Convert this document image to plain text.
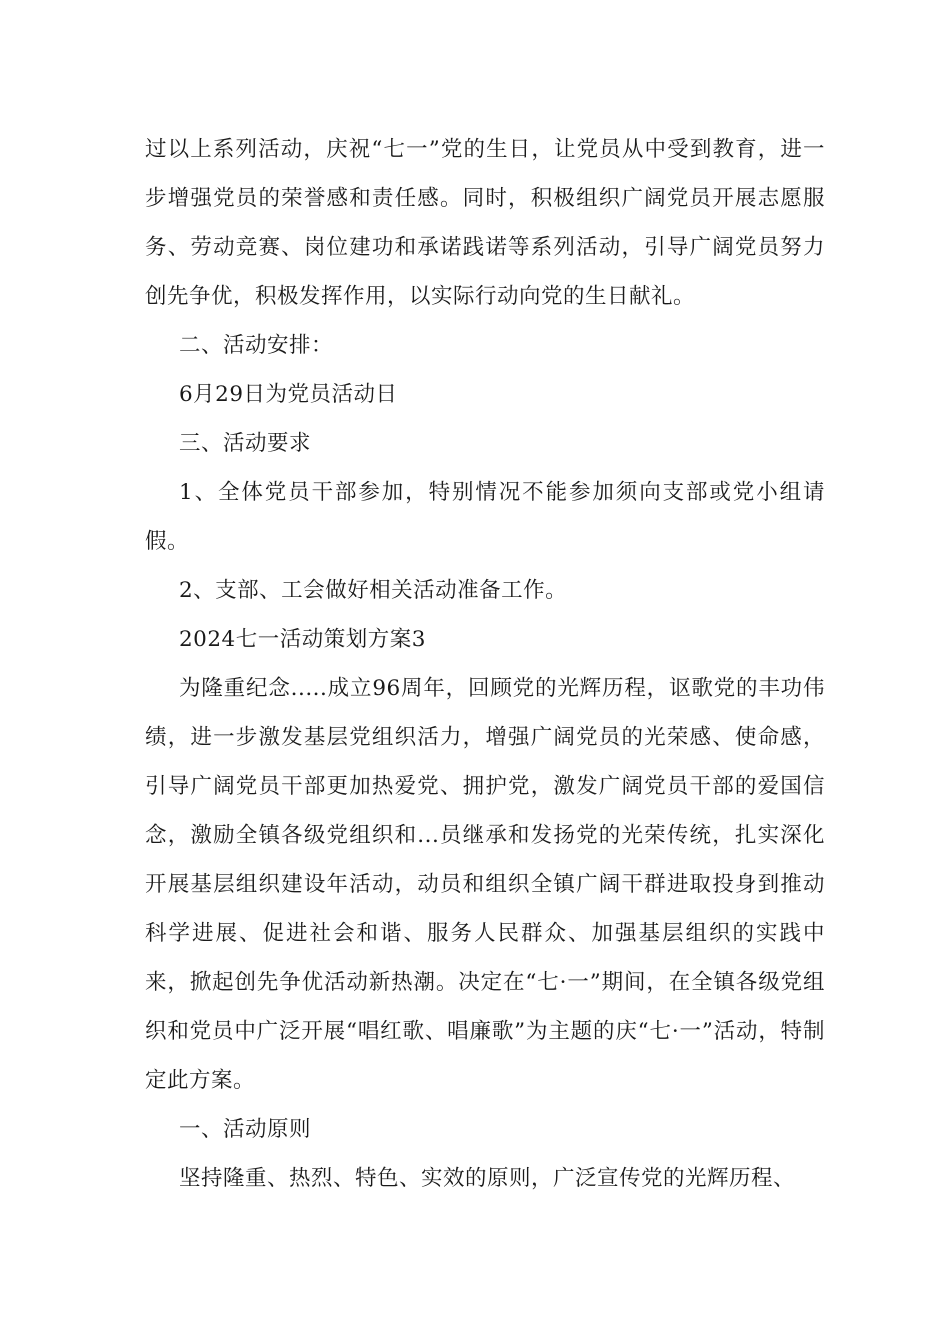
过以上系列活动，庆祝“七一”党的生日，让党员从中受到教育，进一步增强党员的荣誉感和责任感。同时，积极组织广阔党员开展志愿服务、劳动竞赛、岗位建功和承诺践诺等系列活动，引导广阔党员努力创先争优，积极发挥作用，以实际行动向党的生日献礼。

二、活动安排：

6月29日为党员活动日

三、活动要求

1、全体党员干部参加，特别情况不能参加须向支部或党小组请假。

2、支部、工会做好相关活动准备工作。

2024七一活动策划方案3

为隆重纪念.....成立96周年，回顾党的光辉历程，讴歌党的丰功伟绩，进一步激发基层党组织活力，增强广阔党员的光荣感、使命感，引导广阔党员干部更加热爱党、拥护党，激发广阔党员干部的爱国信念，激励全镇各级党组织和...员继承和发扬党的光荣传统，扎实深化开展基层组织建设年活动，动员和组织全镇广阔干群进取投身到推动科学进展、促进社会和谐、服务人民群众、加强基层组织的实践中来，掀起创先争优活动新热潮。决定在“七·一”期间，在全镇各级党组织和党员中广泛开展“唱红歌、唱廉歌”为主题的庆“七·一”活动，特制定此方案。

一、活动原则

坚持隆重、热烈、特色、实效的原则，广泛宣传党的光辉历程、
